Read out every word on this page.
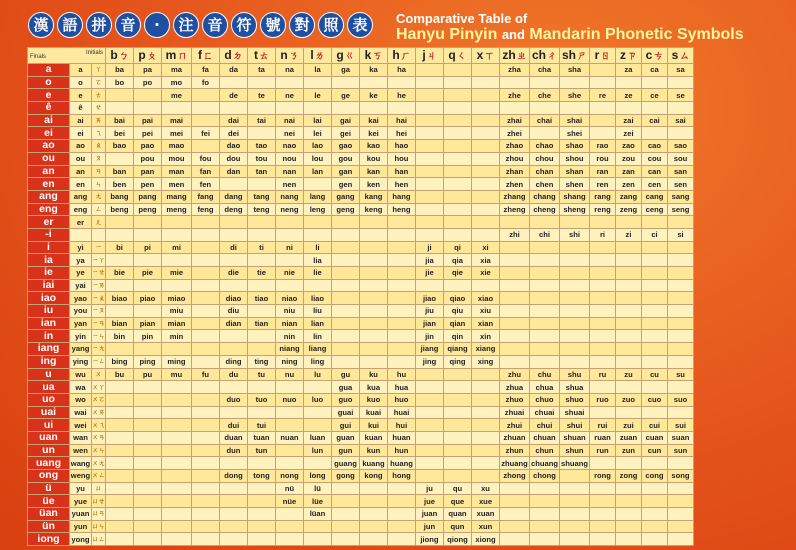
漢 語 拼 音	·	注 音 符 號 對 照 表	Comparative Table of
Hanyu Pinyin and Mandarin Phonetic Symbols
Initials
Finals			bㄅ	pㄆ	mㄇ	fㄈ	dㄉ	tㄊ	nㄋ	lㄌ	gㄍ	kㄎ	hㄏ	jㄐ	qㄑ	xㄒ	zhㄓ	chㄔ	shㄕ	rㄖ	zㄗ	cㄘ	sㄙ
a	a	ㄚ	ba	pa	ma	fa	da	ta	na	la	ga	ka	ha				zha	cha	sha		za	ca	sa
o	o	ㄛ	bo	po	mo	fo																	
e	e	ㄜ			me		de	te	ne	le	ge	ke	he				zhe	che	she	re	ze	ce	se
ê	ê	ㄝ																					
ai	ai	ㄞ	bai	pai	mai		dai	tai	nai	lai	gai	kai	hai				zhai	chai	shai		zai	cai	sai
ei	ei	ㄟ	bei	pei	mei	fei	dei		nei	lei	gei	kei	hei				zhei		shei		zei		
ao	ao	ㄠ	bao	pao	mao		dao	tao	nao	lao	gao	kao	hao				zhao	chao	shao	rao	zao	cao	sao
ou	ou	ㄡ		pou	mou	fou	dou	tou	nou	lou	gou	kou	hou				zhou	chou	shou	rou	zou	cou	sou
an	an	ㄢ	ban	pan	man	fan	dan	tan	nan	lan	gan	kan	han				zhan	chan	shan	ran	zan	can	san
en	en	ㄣ	ben	pen	men	fen			nen		gen	ken	hen				zhen	chen	shen	ren	zen	cen	sen
ang	ang	ㄤ	bang	pang	mang	fang	dang	tang	nang	lang	gang	kang	hang				zhang	chang	shang	rang	zang	cang	sang
eng	eng	ㄥ	beng	peng	meng	feng	deng	teng	neng	leng	geng	keng	heng				zheng	cheng	sheng	reng	zeng	ceng	seng
er	er	ㄦ																					
-i																	zhi	chi	shi	ri	zi	ci	si
i	yi	ㄧ	bi	pi	mi		di	ti	ni	li				ji	qi	xi							
ia	ya	ㄧㄚ								lia				jia	qia	xia							
ie	ye	ㄧㄝ	bie	pie	mie		die	tie	nie	lie				jie	qie	xie							
iai	yai	ㄧㄞ																					
iao	yao	ㄧㄠ	biao	piao	miao		diao	tiao	niao	liao				jiao	qiao	xiao							
iu	you	ㄧㄡ			miu		diu		niu	liu				jiu	qiu	xiu							
ian	yan	ㄧㄢ	bian	pian	mian		dian	tian	nian	lian				jian	qian	xian							
in	yin	ㄧㄣ	bin	pin	min				nin	lin				jin	qin	xin							
iang	yang	ㄧㄤ							niang	liang				jiang	qiang	xiang							
ing	ying	ㄧㄥ	bing	ping	ming		ding	ting	ning	ling				jing	qing	xing							
u	wu	ㄨ	bu	pu	mu	fu	du	tu	nu	lu	gu	ku	hu				zhu	chu	shu	ru	zu	cu	su
ua	wa	ㄨㄚ									gua	kua	hua				zhua	chua	shua				
uo	wo	ㄨㄛ					duo	tuo	nuo	luo	guo	kuo	huo				zhuo	chuo	shuo	ruo	zuo	cuo	suo
uai	wai	ㄨㄞ									guai	kuai	huai				zhuai	chuai	shuai				
ui	wei	ㄨㄟ					dui	tui			gui	kui	hui				zhui	chui	shui	rui	zui	cui	sui
uan	wan	ㄨㄢ					duan	tuan	nuan	luan	guan	kuan	huan				zhuan	chuan	shuan	ruan	zuan	cuan	suan
un	wen	ㄨㄣ					dun	tun		lun	gun	kun	hun				zhun	chun	shun	run	zun	cun	sun
uang	wang	ㄨㄤ									guang	kuang	huang				zhuang	chuang	shuang				
ong	weng	ㄨㄥ					dong	tong	nong	long	gong	kong	hong				zhong	chong		rong	zong	cong	song
ü	yu	ㄩ							nü	lü				ju	qu	xu							
üe	yue	ㄩㄝ							nüe	lüe				jue	que	xue							
üan	yuan	ㄩㄢ								lüan				juan	quan	xuan							
ün	yun	ㄩㄣ												jun	qun	xun							
iong	yong	ㄩㄥ												jiong	qiong	xiong							
